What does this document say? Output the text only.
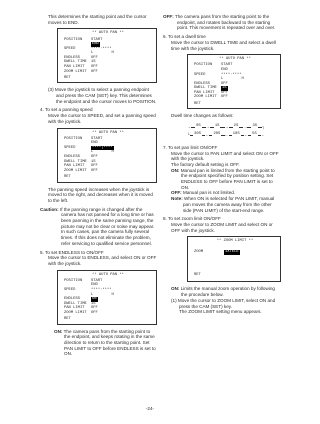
This determines the starting point and the cursor moves to END.
** AUTO PAN **
POSITION	START
END
SPEED	****·****
L        H
ENDLESS	OFF
DWELL TIME	1S
PAN LIMIT	OFF
ZOOM LIMIT	OFF
RET
(3) Move the joystick to select a panning endpoint and press the CAM (SET) key. This determines the endpoint and the cursor moves to POSITION.
4. To set a panning speed
Move the cursor to SPEED, and set a panning speed with the joystick.
** AUTO PAN **
POSITION	START
END
SPEED	****|****
L        H
ENDLESS	OFF
DWELL TIME	1S
PAN LIMIT	OFF
ZOOM LIMIT	OFF
RET
The panning speed increases when the joystick is moved to the right, and decreases when it is moved to the left.
Caution: If the panning range is changed after the camera has not panned for a long time or has been panning in the same panning range, the picture may not be clear or noise may appear. In such cases, pan the camera fully several times. If this does not eliminate the problem, refer servicing to qualified service personnel.
5. To set ENDLESS to ON/OFF
Move the cursor to ENDLESS, and select ON or OFF with the joystick.
** AUTO PAN **
POSITION	START
END
SPEED	****·****
L        H
ENDLESS	ON
DWELL TIME	1S
PAN LIMIT	OFF
ZOOM LIMIT	OFF
RET
ON: The camera pans from the starting point to the endpoint, and keeps rotating in the same direction to return to the starting point. Set PAN LIMIT to OFF before ENDLESS is set to ON.
OFF: The camera pans from the starting point to the endpoint, and rotates backward to the starting point. This movement is repeated over and over.
6. To set a dwell time
Move the cursor to DWELL TIME and select a dwell time with the joystick.
** AUTO PAN **
POSITION	START
END
SPEED	****·****
L        H
ENDLESS	OFF
DWELL TIME	1S
PAN LIMIT	OFF
ZOOM LIMIT	OFF
RET
Dwell time changes as follows:
→ 0S → 1S → 2S → 3S ┐
└ 30S ← 20S ← 10S ← 5S ←
7. To set pan limit ON/OFF
Move the cursor to PAN LIMIT and select ON or OFF with the joystick.
The factory default setting is OFF.
ON: Manual pan is limited from the starting point to the endpoint specified by position setting. Set ENDLESS to OFF before PAN LIMIT is set to ON.
OFF: Manual pan is not limited.
Note: When ON is selected for PAN LIMIT, manual pan moves the camera away from the other side (PAN LIMIT) of the start-end range.
8. To set zoom limit ON/OFF
Move the cursor to ZOOM LIMIT and select ON or OFF with the joystick.
** ZOOM LIMIT **
ZOOM	1XTELE
RET
ON: Limits the manual zoom operation by following the procedure below.
(1) Move the cursor to ZOOM LIMIT, select ON and press the CAM (SET) key.
The ZOOM LIMIT setting menu appears.
-24-
